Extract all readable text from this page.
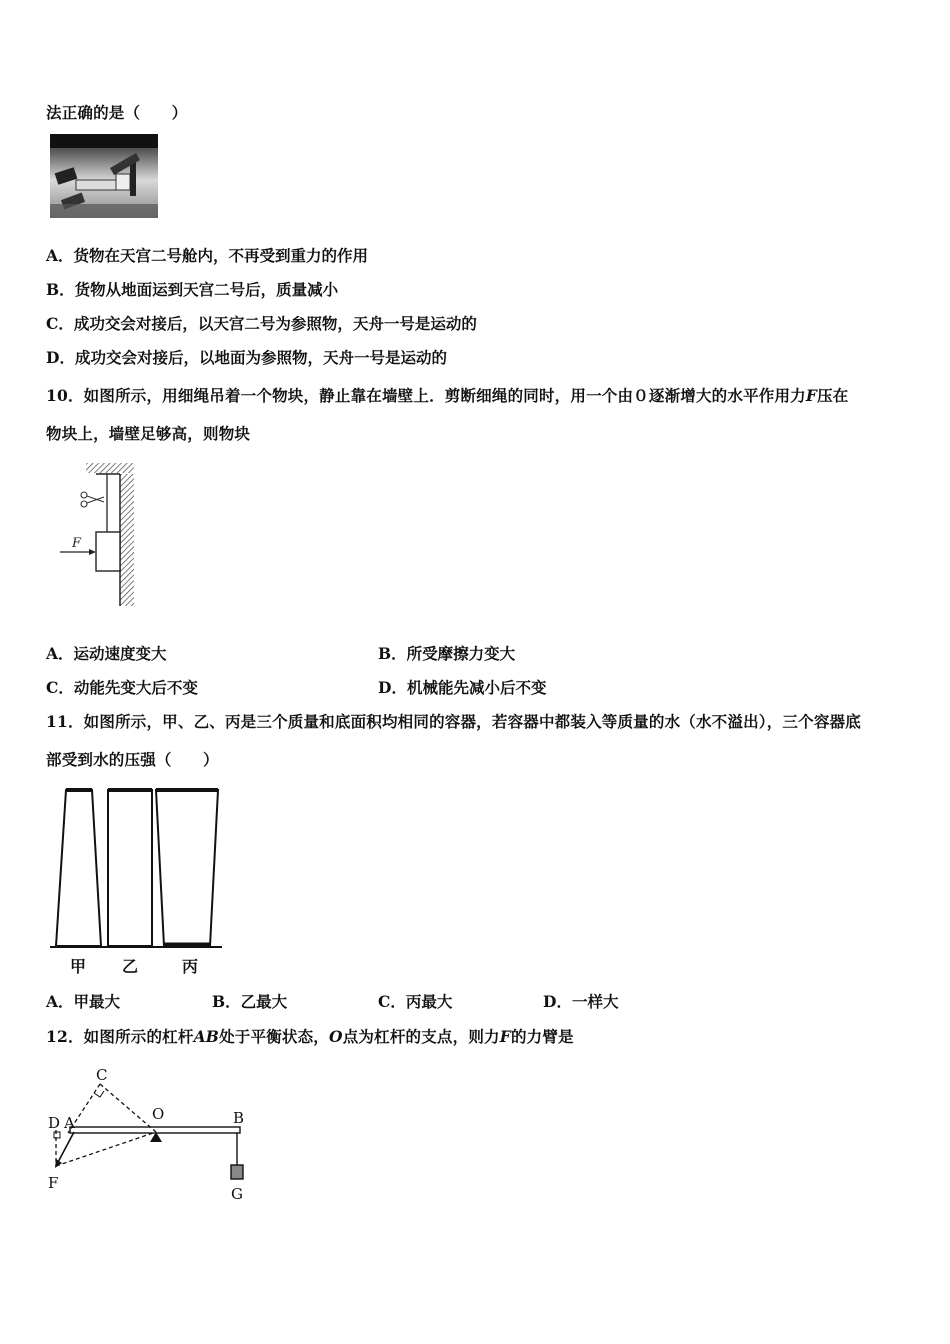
法正确的是（　　）
A．货物在天宫二号舱内，不再受到重力的作用
B．货物从地面运到天宫二号后，质量减小
C．成功交会对接后，以天宫二号为参照物，天舟一号是运动的
D．成功交会对接后，以地面为参照物，天舟一号是运动的
10．如图所示，用细绳吊着一个物块，静止靠在墙壁上．剪断细绳的同时，用一个由０逐渐增大的水平作用力F压在
物块上，墙壁足够高，则物块
F
A．运动速度变大	B．所受摩擦力变大
C．动能先变大后不变	D．机械能先减小后不变
11．如图所示，甲、乙、丙是三个质量和底面积均相同的容器，若容器中都装入等质量的水（水不溢出），三个容器底
部受到水的压强（　　）
甲 乙	丙
A．甲最大	B．乙最大	C．丙最大	D．一样大
12．如图所示的杠杆AB处于平衡状态，O点为杠杆的支点，则力F的力臂是
C
D A	O	B
F
G
